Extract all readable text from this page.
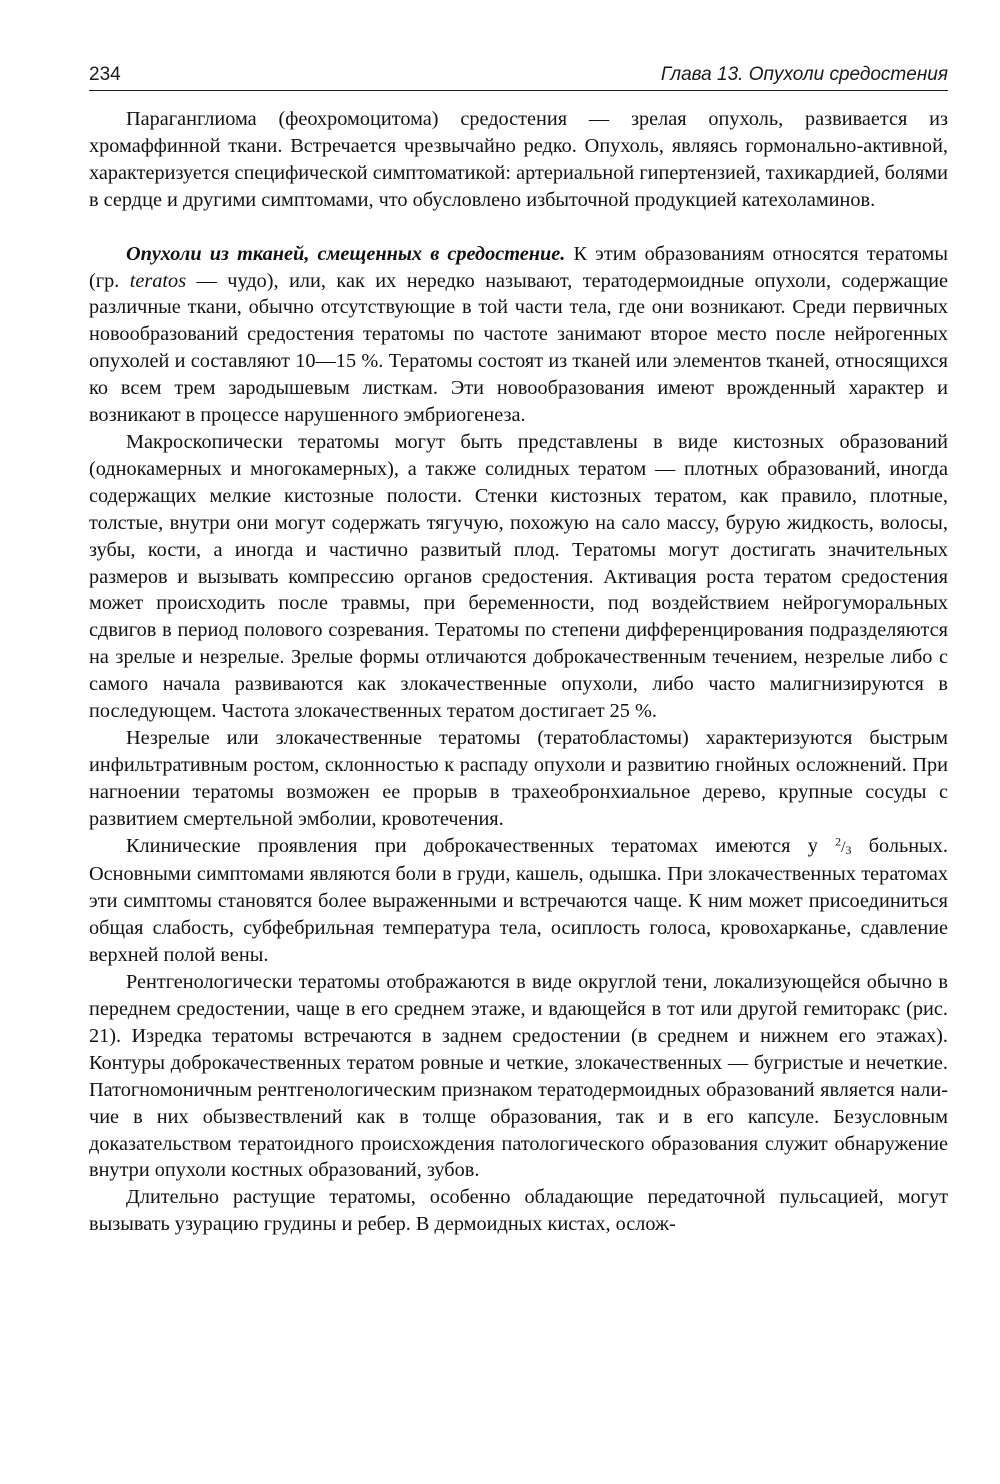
234	Глава 13. Опухоли средостения

Параганглиома (феохромоцитома) средостения — зрелая опухоль, развивается из хромаффинной ткани. Встречается чрезвычайно редко. Опухоль, являясь гормонально-активной, характеризуется специфической симптоматикой: артериальной гипертензией, тахикардией, болями в сердце и другими симптомами, что обусловлено избыточной продукцией катехоламинов.

Опухоли из тканей, смещенных в средостение. К этим образованиям относятся тератомы (гр. teratos — чудо), или, как их нередко называют, тератодермоидные опухоли, содержащие различные ткани, обычно отсутствующие в той части тела, где они возникают. Среди первичных новообразований средостения тератомы по частоте занимают второе место после нейрогенных опухолей и составляют 10—15 %. Тератомы состоят из тканей или элементов тканей, относящихся ко всем трем зародышевым листкам. Эти новообразования имеют врожденный характер и возникают в процессе нарушенного эмбриогенеза.

Макроскопически тератомы могут быть представлены в виде кистозных образований (однокамерных и многокамерных), а также солидных тератом — плотных образований, иногда содержащих мелкие кистозные полости. Стенки кистозных тератом, как правило, плотные, толстые, внутри они могут содержать тягучую, похожую на сало массу, бурую жидкость, волосы, зубы, кости, а иногда и частично развитый плод. Тератомы могут достигать значительных размеров и вызывать компрессию органов средостения. Активация роста тератом средостения может происходить после травмы, при беременности, под воздействием нейрогуморальных сдвигов в период полового созревания. Тератомы по степени дифференцирования подразделяются на зрелые и незрелые. Зрелые формы отличаются доброкачественным течением, незрелые либо с самого начала развиваются как злокачественные опухоли, либо часто малигнизируются в последующем. Частота злокачественных тератом достигает 25 %.

Незрелые или злокачественные тератомы (тератобластомы) характеризуются быстрым инфильтративным ростом, склонностью к распаду опухоли и развитию гнойных осложнений. При нагноении тератомы возможен ее прорыв в трахеобронхиальное дерево, крупные сосуды с развитием смертельной эмболии, кровотечения.

Клинические проявления при доброкачественных тератомах имеются у $^2/_3$ больных. Основными симптомами являются боли в груди, кашель, одышка. При злокачественных тератомах эти симптомы становятся более выраженными и встречаются чаще. К ним может присоединиться общая слабость, субфебрильная температура тела, осиплость голоса, кровохарканье, сдавление верхней полой вены.

Рентгенологически тератомы отображаются в виде округлой тени, локализующейся обычно в переднем средостении, чаще в его среднем этаже, и вдающейся в тот или другой гемиторакс (рис. 21). Изредка тератомы встречаются в заднем средостении (в среднем и нижнем его этажах). Контуры доброкачественных тератом ровные и четкие, злокачественных — бугристые и нечеткие. Патогномоничным рентгенологическим признаком тератодермоидных образований является наличие в них обызвествлений как в толще образования, так и в его капсуле. Безусловным доказательством тератоидного происхождения патологического образования служит обнаружение внутри опухоли костных образований, зубов.

Длительно растущие тератомы, особенно обладающие передаточной пульсацией, могут вызывать узурацию грудины и ребер. В дермоидных кистах, ослож-
